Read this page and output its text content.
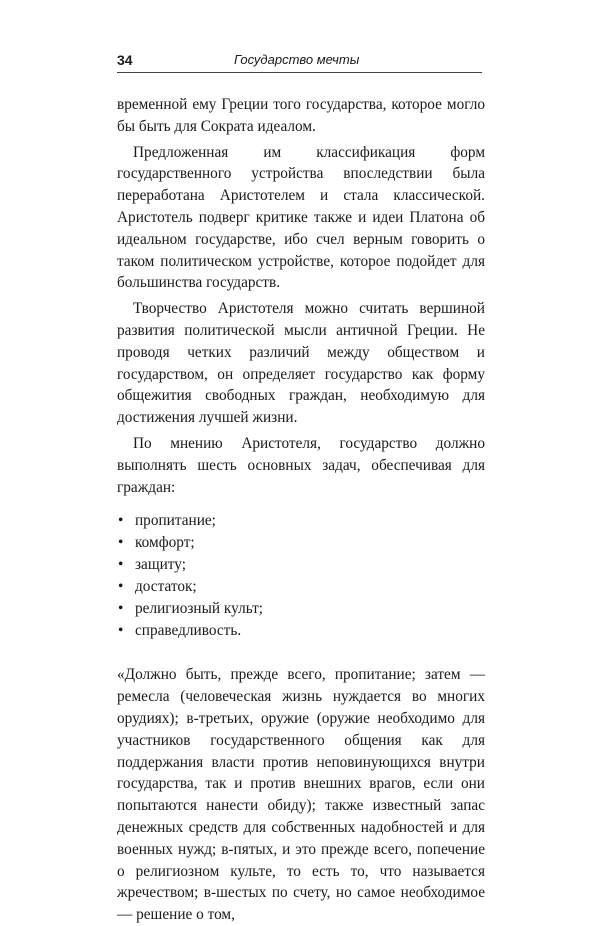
34	Государство мечты

временной ему Греции того государства, которое могло бы быть для Сократа идеалом.

Предложенная им классификация форм государственного устройства впоследствии была переработана Аристотелем и стала классической. Аристотель подверг критике также и идеи Платона об идеальном государстве, ибо счел верным говорить о таком политическом устройстве, которое подойдет для большинства государств.

Творчество Аристотеля можно считать вершиной развития политической мысли античной Греции. Не проводя четких различий между обществом и государством, он определяет государство как форму общежития свободных граждан, необходимую для достижения лучшей жизни.

По мнению Аристотеля, государство должно выполнять шесть основных задач, обеспечивая для граждан:

• пропитание;
• комфорт;
• защиту;
• достаток;
• религиозный культ;
• справедливость.

«Должно быть, прежде всего, пропитание; затем — ремесла (человеческая жизнь нуждается во многих орудиях); в-третьих, оружие (оружие необходимо для участников государственного общения как для поддержания власти против неповинующихся внутри государства, так и против внешних врагов, если они попытаются нанести обиду); также известный запас денежных средств для собственных надобностей и для военных нужд; в-пятых, и это прежде всего, попечение о религиозном культе, то есть то, что называется жречеством; в-шестых по счету, но самое необходимое — решение о том,
